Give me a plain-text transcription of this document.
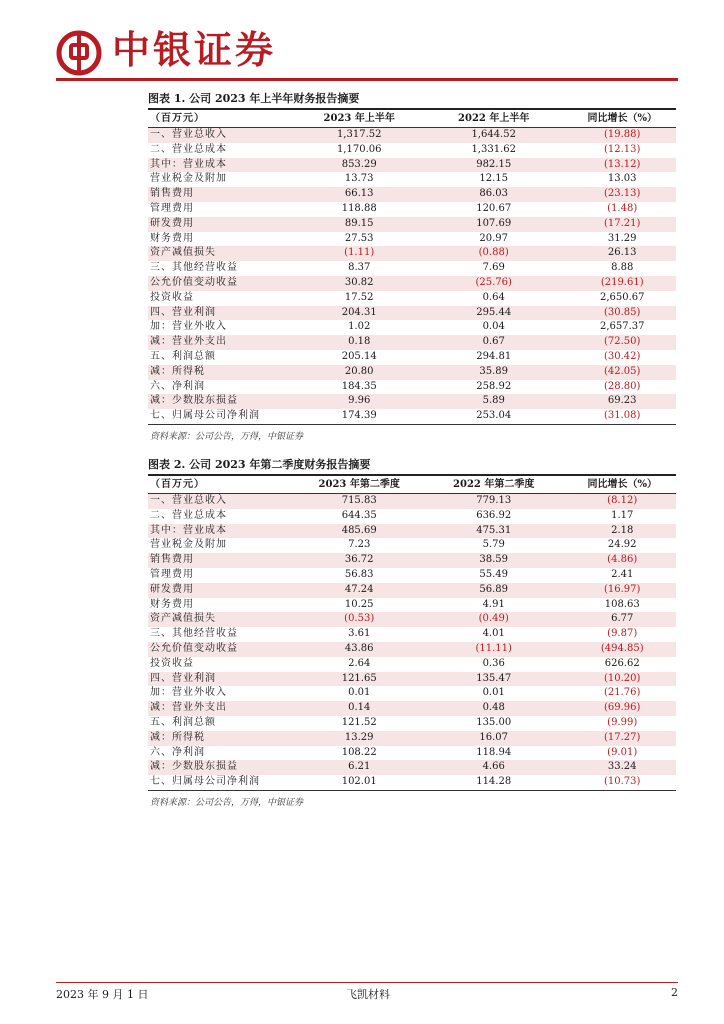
中银证券
图表 1. 公司 2023 年上半年财务报告摘要
（百万元）	2023 年上半年	2022 年上半年	同比增长（%）
一、营业总收入	1,317.52	1,644.52	(19.88)
二、营业总成本	1,170.06	1,331.62	(12.13)
其中：营业成本	853.29	982.15	(13.12)
营业税金及附加	13.73	12.15	13.03
销售费用	66.13	86.03	(23.13)
管理费用	118.88	120.67	(1.48)
研发费用	89.15	107.69	(17.21)
财务费用	27.53	20.97	31.29
资产减值损失	(1.11)	(0.88)	26.13
三、其他经营收益	8.37	7.69	8.88
公允价值变动收益	30.82	(25.76)	(219.61)
投资收益	17.52	0.64	2,650.67
四、营业利润	204.31	295.44	(30.85)
加：营业外收入	1.02	0.04	2,657.37
减：营业外支出	0.18	0.67	(72.50)
五、利润总额	205.14	294.81	(30.42)
减：所得税	20.80	35.89	(42.05)
六、净利润	184.35	258.92	(28.80)
减：少数股东损益	9.96	5.89	69.23
七、归属母公司净利润	174.39	253.04	(31.08)
资料来源：公司公告，万得，中银证券
图表 2. 公司 2023 年第二季度财务报告摘要
（百万元）	2023 年第二季度	2022 年第二季度	同比增长（%）
一、营业总收入	715.83	779.13	(8.12)
二、营业总成本	644.35	636.92	1.17
其中：营业成本	485.69	475.31	2.18
营业税金及附加	7.23	5.79	24.92
销售费用	36.72	38.59	(4.86)
管理费用	56.83	55.49	2.41
研发费用	47.24	56.89	(16.97)
财务费用	10.25	4.91	108.63
资产减值损失	(0.53)	(0.49)	6.77
三、其他经营收益	3.61	4.01	(9.87)
公允价值变动收益	43.86	(11.11)	(494.85)
投资收益	2.64	0.36	626.62
四、营业利润	121.65	135.47	(10.20)
加：营业外收入	0.01	0.01	(21.76)
减：营业外支出	0.14	0.48	(69.96)
五、利润总额	121.52	135.00	(9.99)
减：所得税	13.29	16.07	(17.27)
六、净利润	108.22	118.94	(9.01)
减：少数股东损益	6.21	4.66	33.24
七、归属母公司净利润	102.01	114.28	(10.73)
资料来源：公司公告，万得，中银证券
2023 年 9 月 1 日	飞凯材料	2
